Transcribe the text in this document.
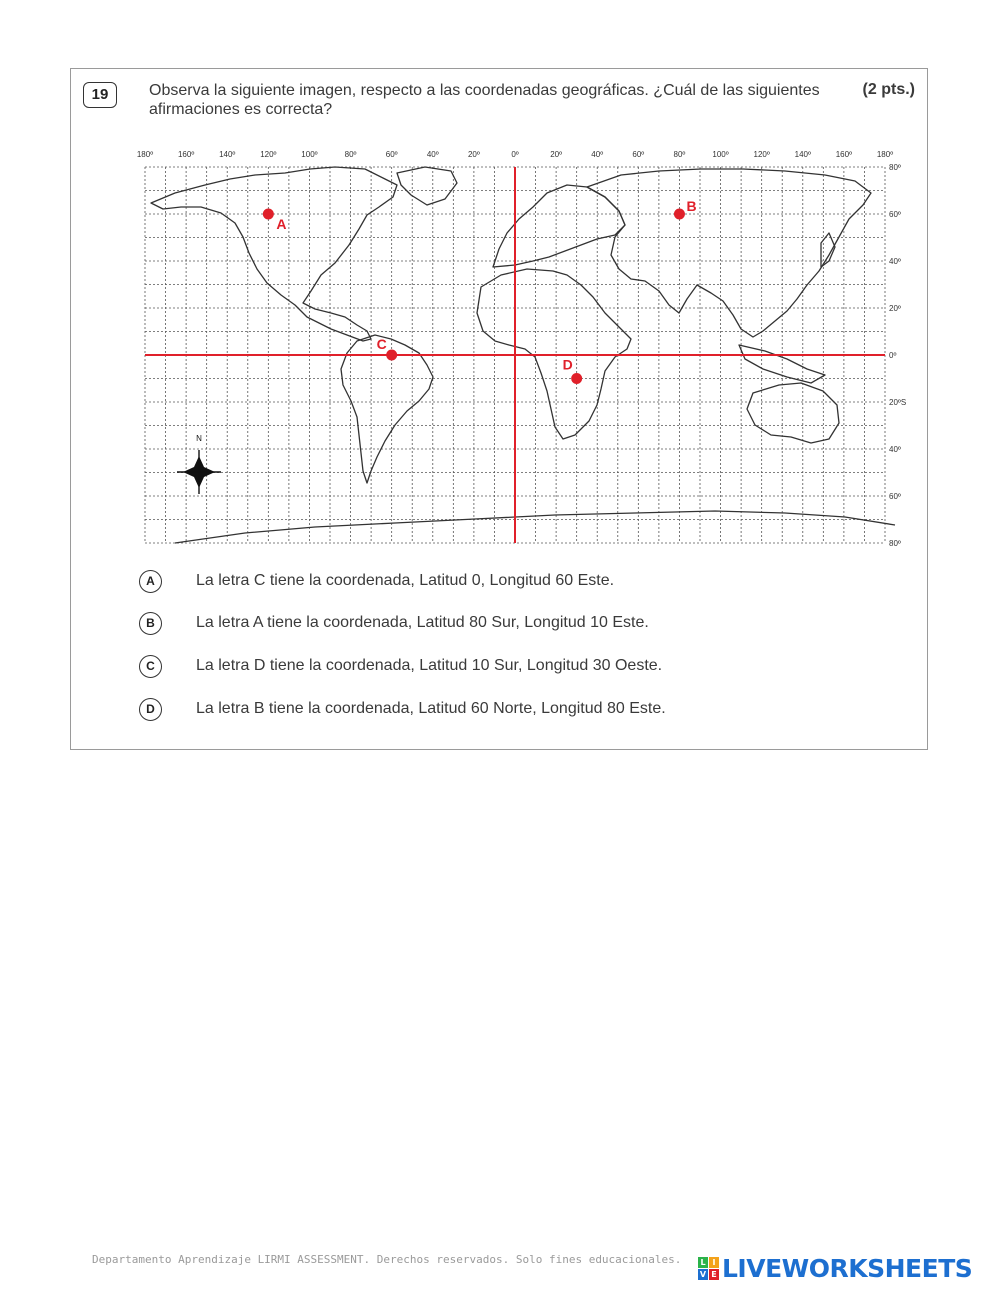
19	Observa la siguiente imagen, respecto a las coordenadas geográficas. ¿Cuál de las siguientes afirmaciones es correcta?
(2 pts.)
180º	160º	140º	120º	100º	80º	60º	40º	20º	0º	20º	40º	60º	80º	100º	120º	140º	160º	180º
80º
60º
40º
20º
0º
20ºS
40º
60º
80º
A
B
C
D
N
A	La letra C tiene la coordenada, Latitud 0, Longitud 60 Este.
B	La letra A tiene la coordenada, Latitud 80 Sur, Longitud 10 Este.
C	La letra D tiene la coordenada, Latitud 10 Sur, Longitud 30 Oeste.
D	La letra B tiene la coordenada, Latitud 60 Norte, Longitud 80 Este.
Departamento Aprendizaje LIRMI ASSESSMENT. Derechos reservados. Solo fines educacionales.	L I
V E LIVEWORKSHEETS
